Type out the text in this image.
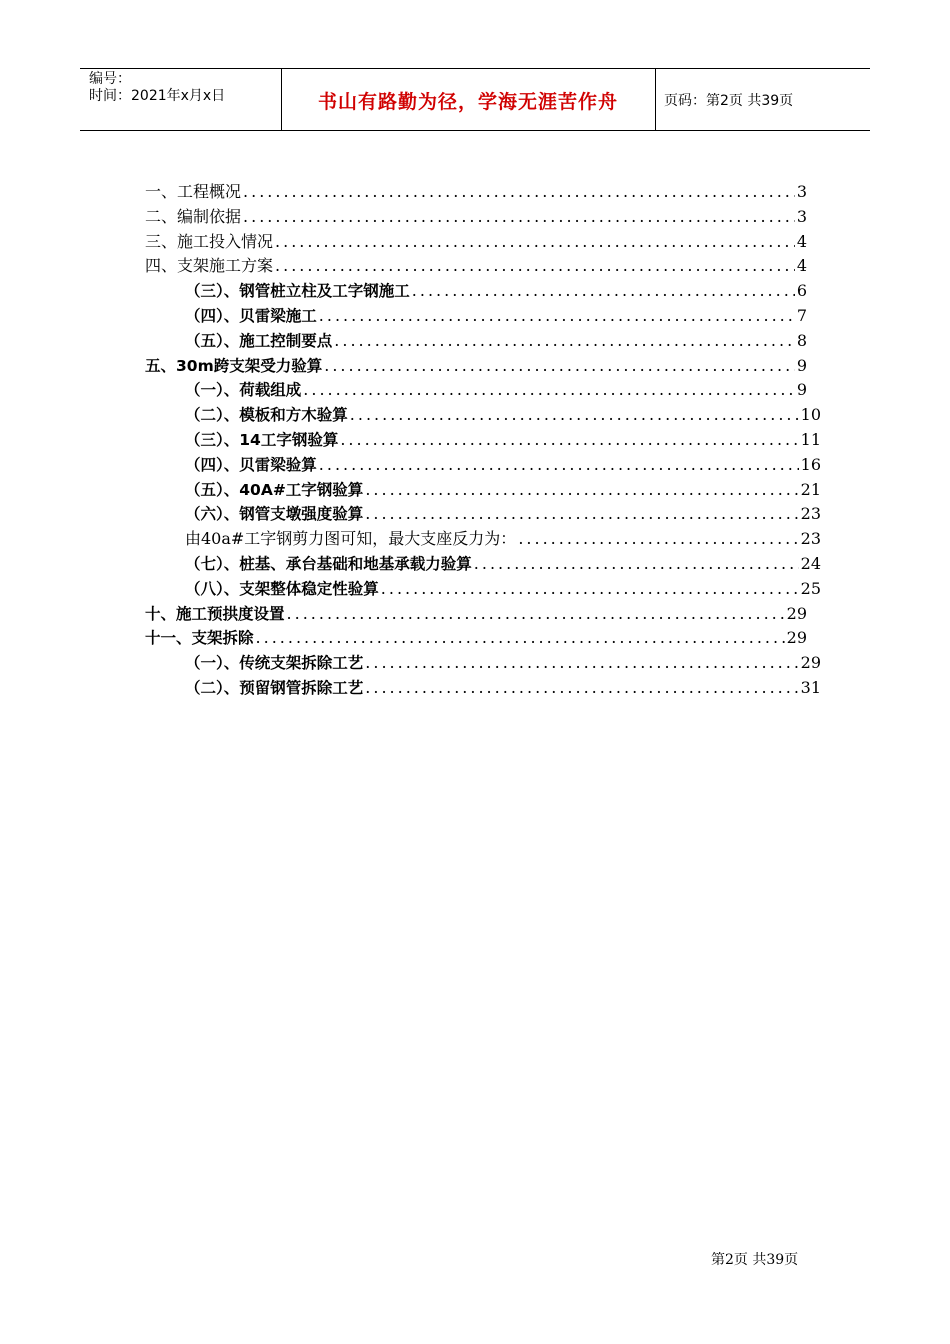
编号：
时间：2021年x月x日	书山有路勤为径，学海无涯苦作舟	页码：第2页 共39页
一、工程概况 .....	3
二、编制依据 .....	3
三、施工投入情况 .....	4
四、支架施工方案 .....	4
（三）、钢管桩立柱及工字钢施工 .....	6
（四）、贝雷梁施工 .....	7
（五）、施工控制要点 .....	8
五、30m跨支架受力验算 .....	9
（一）、荷载组成 .....	9
（二）、模板和方木验算 .....	10
（三）、14工字钢验算 .....	11
（四）、贝雷梁验算 .....	16
（五）、40A#工字钢验算 .....	21
（六）、钢管支墩强度验算 .....	23
由40a#工字钢剪力图可知，最大支座反力为： .....	23
（七）、桩基、承台基础和地基承载力验算 .....	24
（八）、支架整体稳定性验算 .....	25
十、施工预拱度设置 .....	29
十一、支架拆除 .....	29
（一）、传统支架拆除工艺 .....	29
（二）、预留钢管拆除工艺 .....	31
第2页 共39页
